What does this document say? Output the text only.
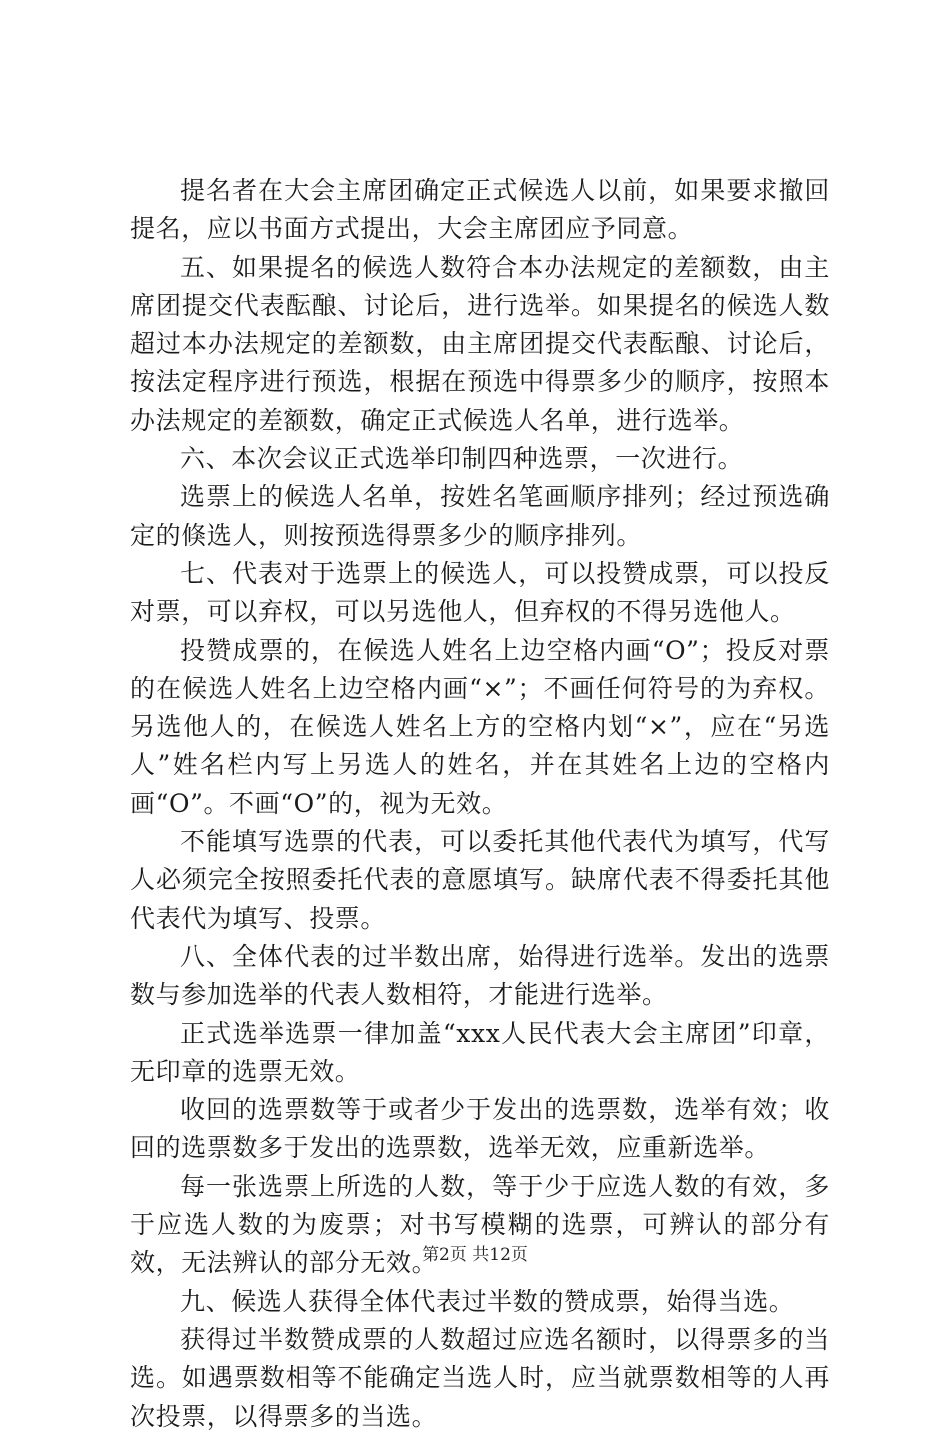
提名者在大会主席团确定正式候选人以前，如果要求撤回提名，应以书面方式提出，大会主席团应予同意。

五、如果提名的候选人数符合本办法规定的差额数，由主席团提交代表酝酿、讨论后，进行选举。如果提名的候选人数超过本办法规定的差额数，由主席团提交代表酝酿、讨论后，按法定程序进行预选，根据在预选中得票多少的顺序，按照本办法规定的差额数，确定正式候选人名单，进行选举。

六、本次会议正式选举印制四种选票，一次进行。

选票上的候选人名单，按姓名笔画顺序排列；经过预选确定的倏选人，则按预选得票多少的顺序排列。

七、代表对于选票上的候选人，可以投赞成票，可以投反对票，可以弃权，可以另选他人，但弃权的不得另选他人。

投赞成票的，在候选人姓名上边空格内画“O”；投反对票的在候选人姓名上边空格内画“×”；不画任何符号的为弃权。另选他人的，在候选人姓名上方的空格内划“×”，应在“另选人”姓名栏内写上另选人的姓名，并在其姓名上边的空格内画“O”。不画“O”的，视为无效。

不能填写选票的代表，可以委托其他代表代为填写，代写人必须完全按照委托代表的意愿填写。缺席代表不得委托其他代表代为填写、投票。

八、全体代表的过半数出席，始得进行选举。发出的选票数与参加选举的代表人数相符，才能进行选举。

正式选举选票一律加盖“xxx人民代表大会主席团”印章，无印章的选票无效。

收回的选票数等于或者少于发出的选票数，选举有效；收回的选票数多于发出的选票数，选举无效，应重新选举。

每一张选票上所选的人数，等于少于应选人数的有效，多于应选人数的为废票；对书写模糊的选票，可辨认的部分有效，无法辨认的部分无效。

九、候选人获得全体代表过半数的赞成票，始得当选。

获得过半数赞成票的人数超过应选名额时，以得票多的当选。如遇票数相等不能确定当选人时，应当就票数相等的人再次投票，以得票多的当选。

第2页 共12页
